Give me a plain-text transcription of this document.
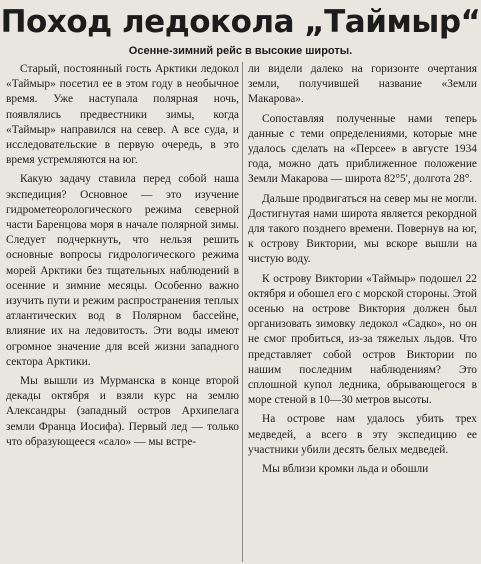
Поход ледокола „Таймыр“
Осенне-зимний рейс в высокие широты.

Старый, постоянный гость Арктики ледокол «Таймыр» посетил ее в этом году в необычное время. Уже наступала полярная ночь, появлялись предвестники зимы, когда «Таймыр» направился на север. А все суда, и исследовательские в первую очередь, в это время устремляются на юг.

Какую задачу ставила перед собой наша экспедиция? Основное — это изучение гидрометеорологического режима северной части Баренцова моря в начале полярной зимы. Следует подчеркнуть, что нельзя решить основные вопросы гидрологического режима морей Арктики без тщательных наблюдений в осенние и зимние месяцы. Особенно важно изучить пути и режим распространения теплых атлантических вод в Полярном бассейне, влияние их на ледовитость. Эти воды имеют огромное значение для всей жизни западного сектора Арктики.

Мы вышли из Мурманска в конце второй декады октября и взяли курс на землю Александры (западный остров Архипелага земли Франца Иосифа). Первый лед — только что образующееся «сало» — мы встре-

ли видели далеко на горизонте очертания земли, получившей название «Земли Макарова».

Сопоставляя полученные нами теперь данные с теми определениями, которые мне удалось сделать на «Персее» в августе 1934 года, можно дать приближенное положение Земли Макарова — широта 82°5', долгота 28°.

Дальше продвигаться на север мы не могли. Достигнутая нами широта является рекордной для такого позднего времени. Повернув на юг, к острову Виктории, мы вскоре вышли на чистую воду.

К острову Виктории «Таймыр» подошел 22 октября и обошел его с морской стороны. Этой осенью на острове Виктория должен был организовать зимовку ледокол «Садко», но он не смог пробиться, из-за тяжелых льдов. Что представляет собой остров Виктории по нашим последним наблюдениям? Это сплошной купол ледника, обрывающегося в море стеной в 10—30 метров высоты.

На острове нам удалось убить трех медведей, а всего в эту экспедицию ее участники убили десять белых медведей.

Мы вблизи кромки льда и обошли
